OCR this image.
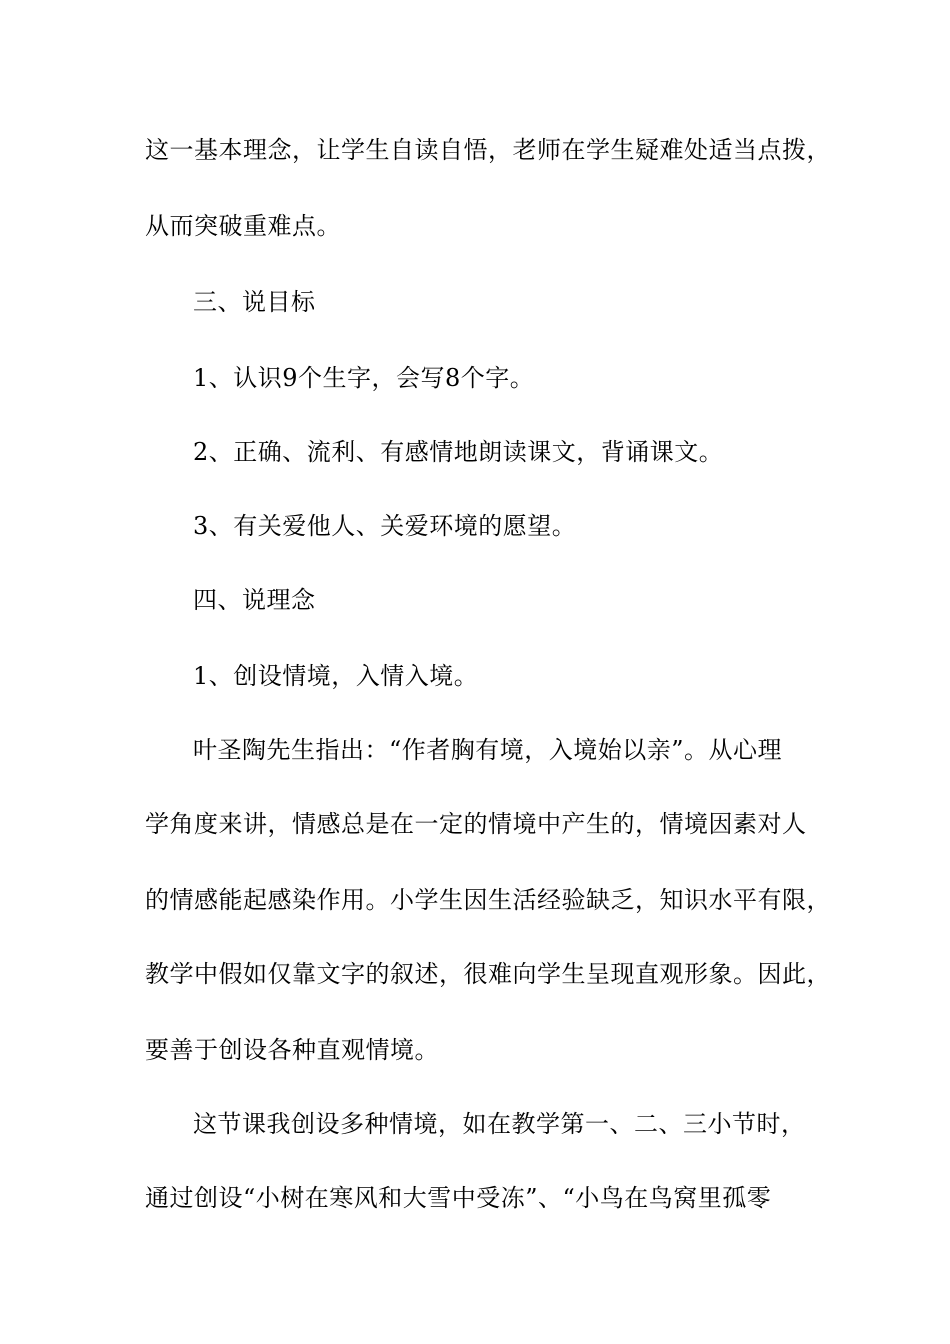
这一基本理念，让学生自读自悟，老师在学生疑难处适当点拨，
从而突破重难点。
三、说目标
1、认识9个生字，会写8个字。
2、正确、流利、有感情地朗读课文，背诵课文。
3、有关爱他人、关爱环境的愿望。
四、说理念
1、创设情境，入情入境。
叶圣陶先生指出：“作者胸有境，入境始以亲”。从心理
学角度来讲，情感总是在一定的情境中产生的，情境因素对人
的情感能起感染作用。小学生因生活经验缺乏，知识水平有限，
教学中假如仅靠文字的叙述，很难向学生呈现直观形象。因此，
要善于创设各种直观情境。
这节课我创设多种情境，如在教学第一、二、三小节时，
通过创设“小树在寒风和大雪中受冻”、“小鸟在鸟窝里孤零
